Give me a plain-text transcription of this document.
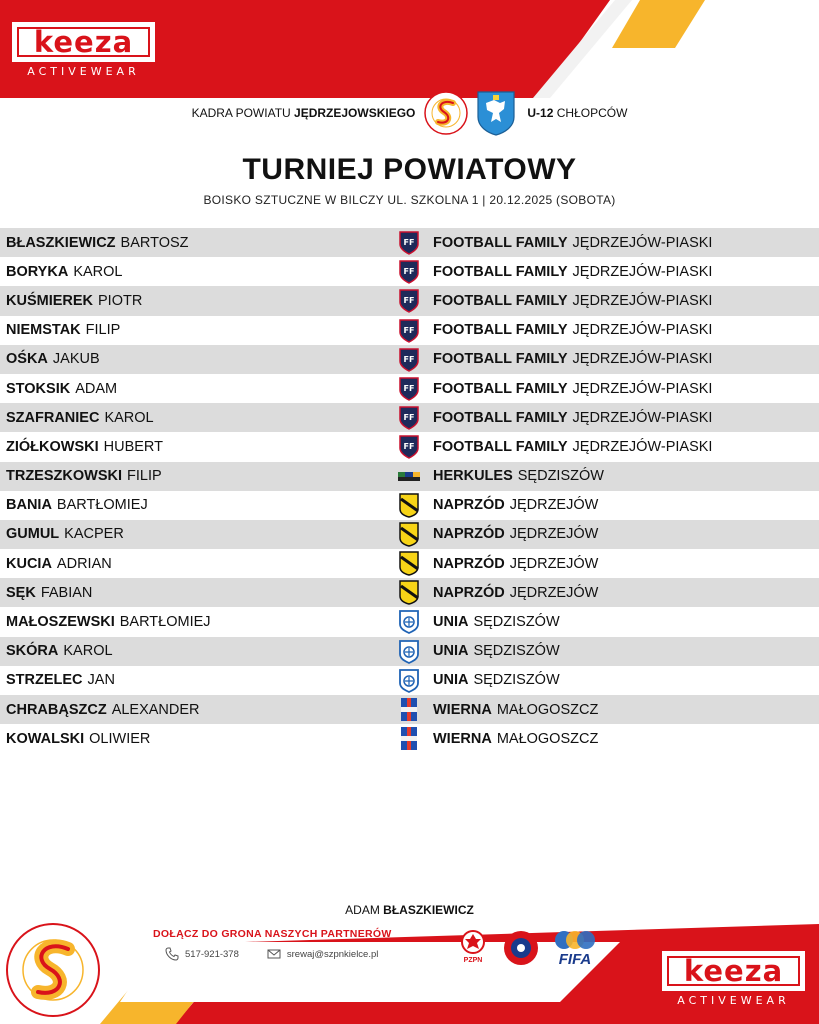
keeza
ACTIVEWEAR
KADRA POWIATU JĘDRZEJOWSKIEGO	U-12 CHŁOPCÓW
TURNIEJ POWIATOWY
BOISKO SZTUCZNE W BILCZY UL. SZKOLNA 1 | 20.12.2025 (SOBOTA)
BŁASZKIEWICZ BARTOSZ	FF FOOTBALL FAMILY JĘDRZEJÓW-PIASKI
BORYKA KAROL	FF FOOTBALL FAMILY JĘDRZEJÓW-PIASKI
KUŚMIEREK PIOTR	FF FOOTBALL FAMILY JĘDRZEJÓW-PIASKI
NIEMSTAK FILIP	FF FOOTBALL FAMILY JĘDRZEJÓW-PIASKI
OŚKA JAKUB	FF FOOTBALL FAMILY JĘDRZEJÓW-PIASKI
STOKSIK ADAM	FF FOOTBALL FAMILY JĘDRZEJÓW-PIASKI
SZAFRANIEC KAROL	FF FOOTBALL FAMILY JĘDRZEJÓW-PIASKI
ZIÓŁKOWSKI HUBERT	FF FOOTBALL FAMILY JĘDRZEJÓW-PIASKI
TRZESZKOWSKI FILIP	HERKULES SĘDZISZÓW
BANIA BARTŁOMIEJ	NAPRZÓD JĘDRZEJÓW
GUMUL KACPER	NAPRZÓD JĘDRZEJÓW
KUCIA ADRIAN	NAPRZÓD JĘDRZEJÓW
SĘK FABIAN	NAPRZÓD JĘDRZEJÓW
MAŁOSZEWSKI BARTŁOMIEJ	UNIA SĘDZISZÓW
SKÓRA KAROL	UNIA SĘDZISZÓW
STRZELEC JAN	UNIA SĘDZISZÓW
CHRABĄSZCZ ALEXANDER	WIERNA MAŁOGOSZCZ
KOWALSKI OLIWIER	WIERNA MAŁOGOSZCZ
ADAM BŁASZKIEWICZ
DOŁĄCZ DO GRONA NASZYCH PARTNERÓW
517-921-378	srewaj@szpnkielce.pl
PZPN	FIFA	keeza
ACTIVEWEAR
